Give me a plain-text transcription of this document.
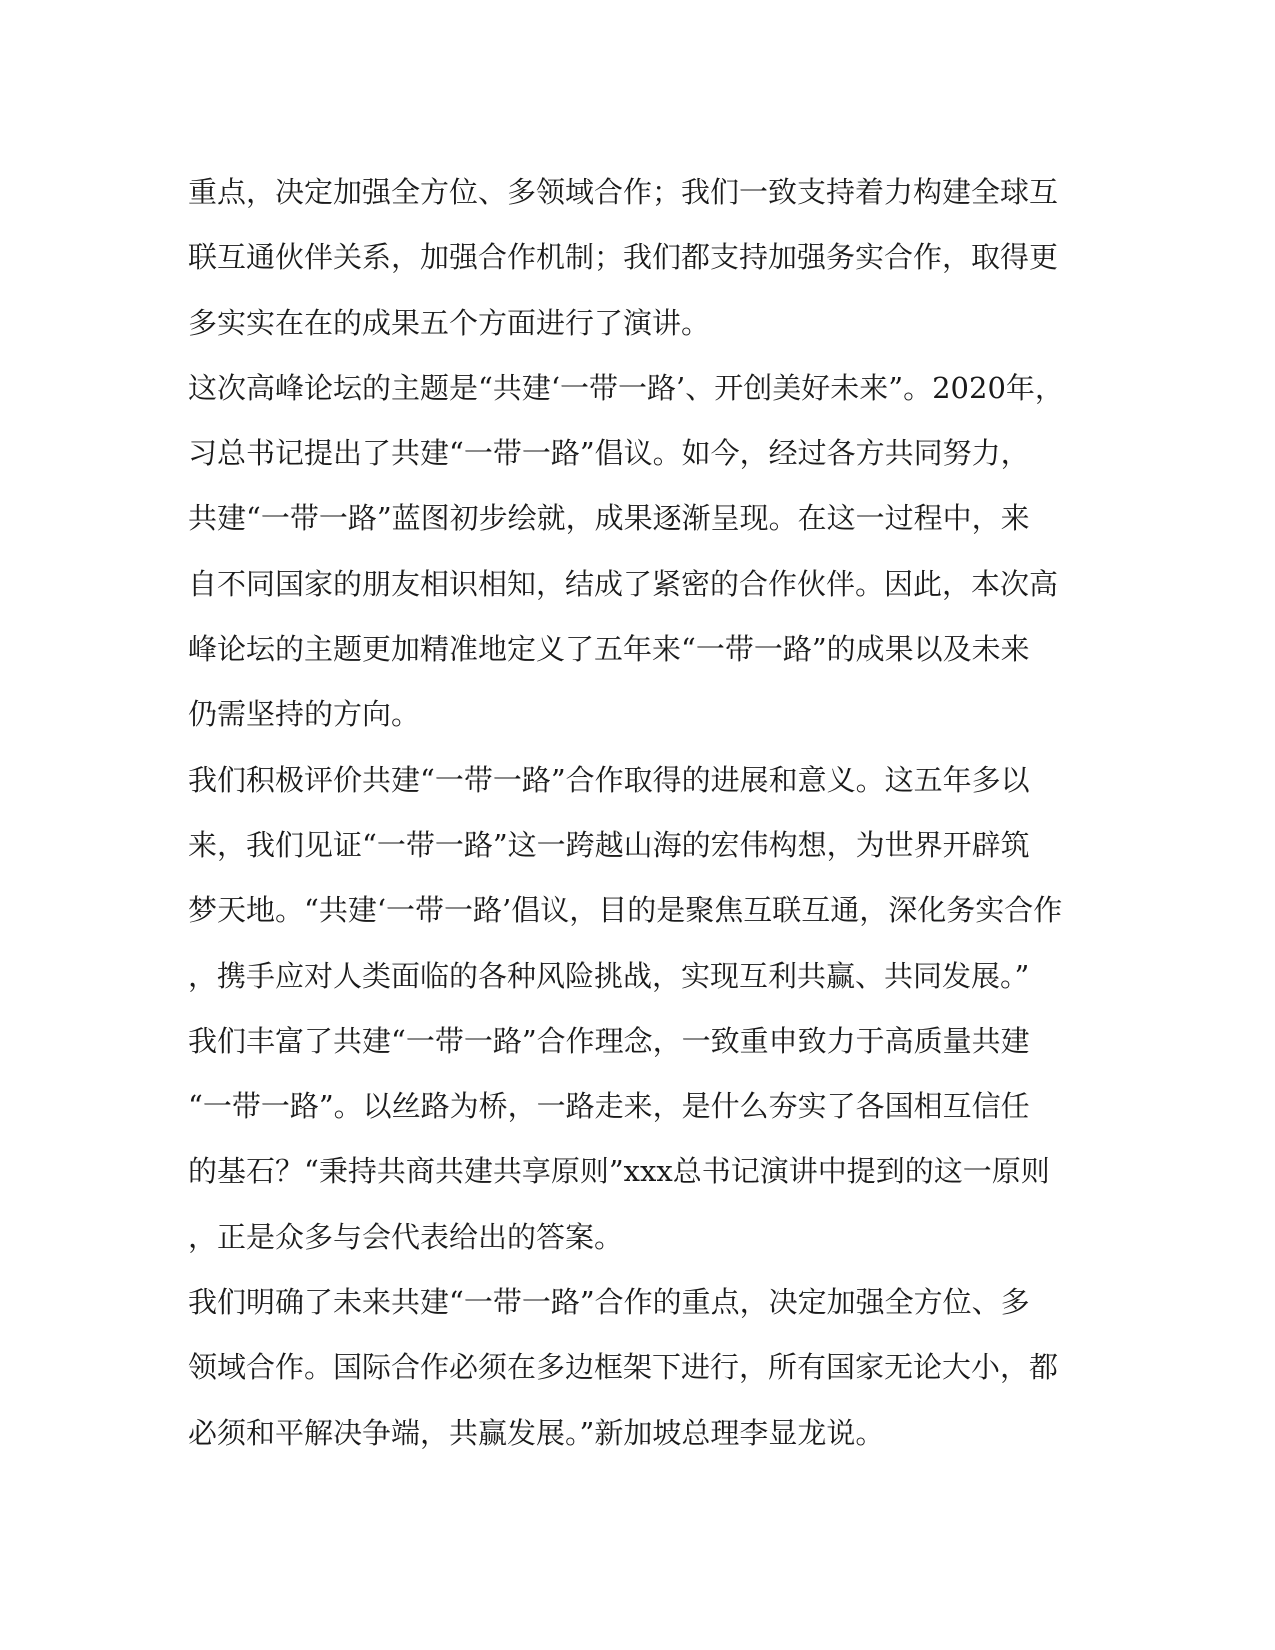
重点，决定加强全方位、多领域合作；我们一致支持着力构建全球互

联互通伙伴关系，加强合作机制；我们都支持加强务实合作，取得更

多实实在在的成果五个方面进行了演讲。

这次高峰论坛的主题是“共建‘一带一路’、开创美好未来”。2020年，

习总书记提出了共建“一带一路”倡议。如今，经过各方共同努力，

共建“一带一路”蓝图初步绘就，成果逐渐呈现。在这一过程中，来

自不同国家的朋友相识相知，结成了紧密的合作伙伴。因此，本次高

峰论坛的主题更加精准地定义了五年来“一带一路”的成果以及未来

仍需坚持的方向。

我们积极评价共建“一带一路”合作取得的进展和意义。这五年多以

来，我们见证“一带一路”这一跨越山海的宏伟构想，为世界开辟筑

梦天地。“共建‘一带一路’倡议，目的是聚焦互联互通，深化务实合作

，携手应对人类面临的各种风险挑战，实现互利共赢、共同发展。”

我们丰富了共建“一带一路”合作理念，一致重申致力于高质量共建

“一带一路”。以丝路为桥，一路走来，是什么夯实了各国相互信任

的基石？“秉持共商共建共享原则”xxx总书记演讲中提到的这一原则

，正是众多与会代表给出的答案。

我们明确了未来共建“一带一路”合作的重点，决定加强全方位、多

领域合作。国际合作必须在多边框架下进行，所有国家无论大小，都

必须和平解决争端，共赢发展。”新加坡总理李显龙说。
